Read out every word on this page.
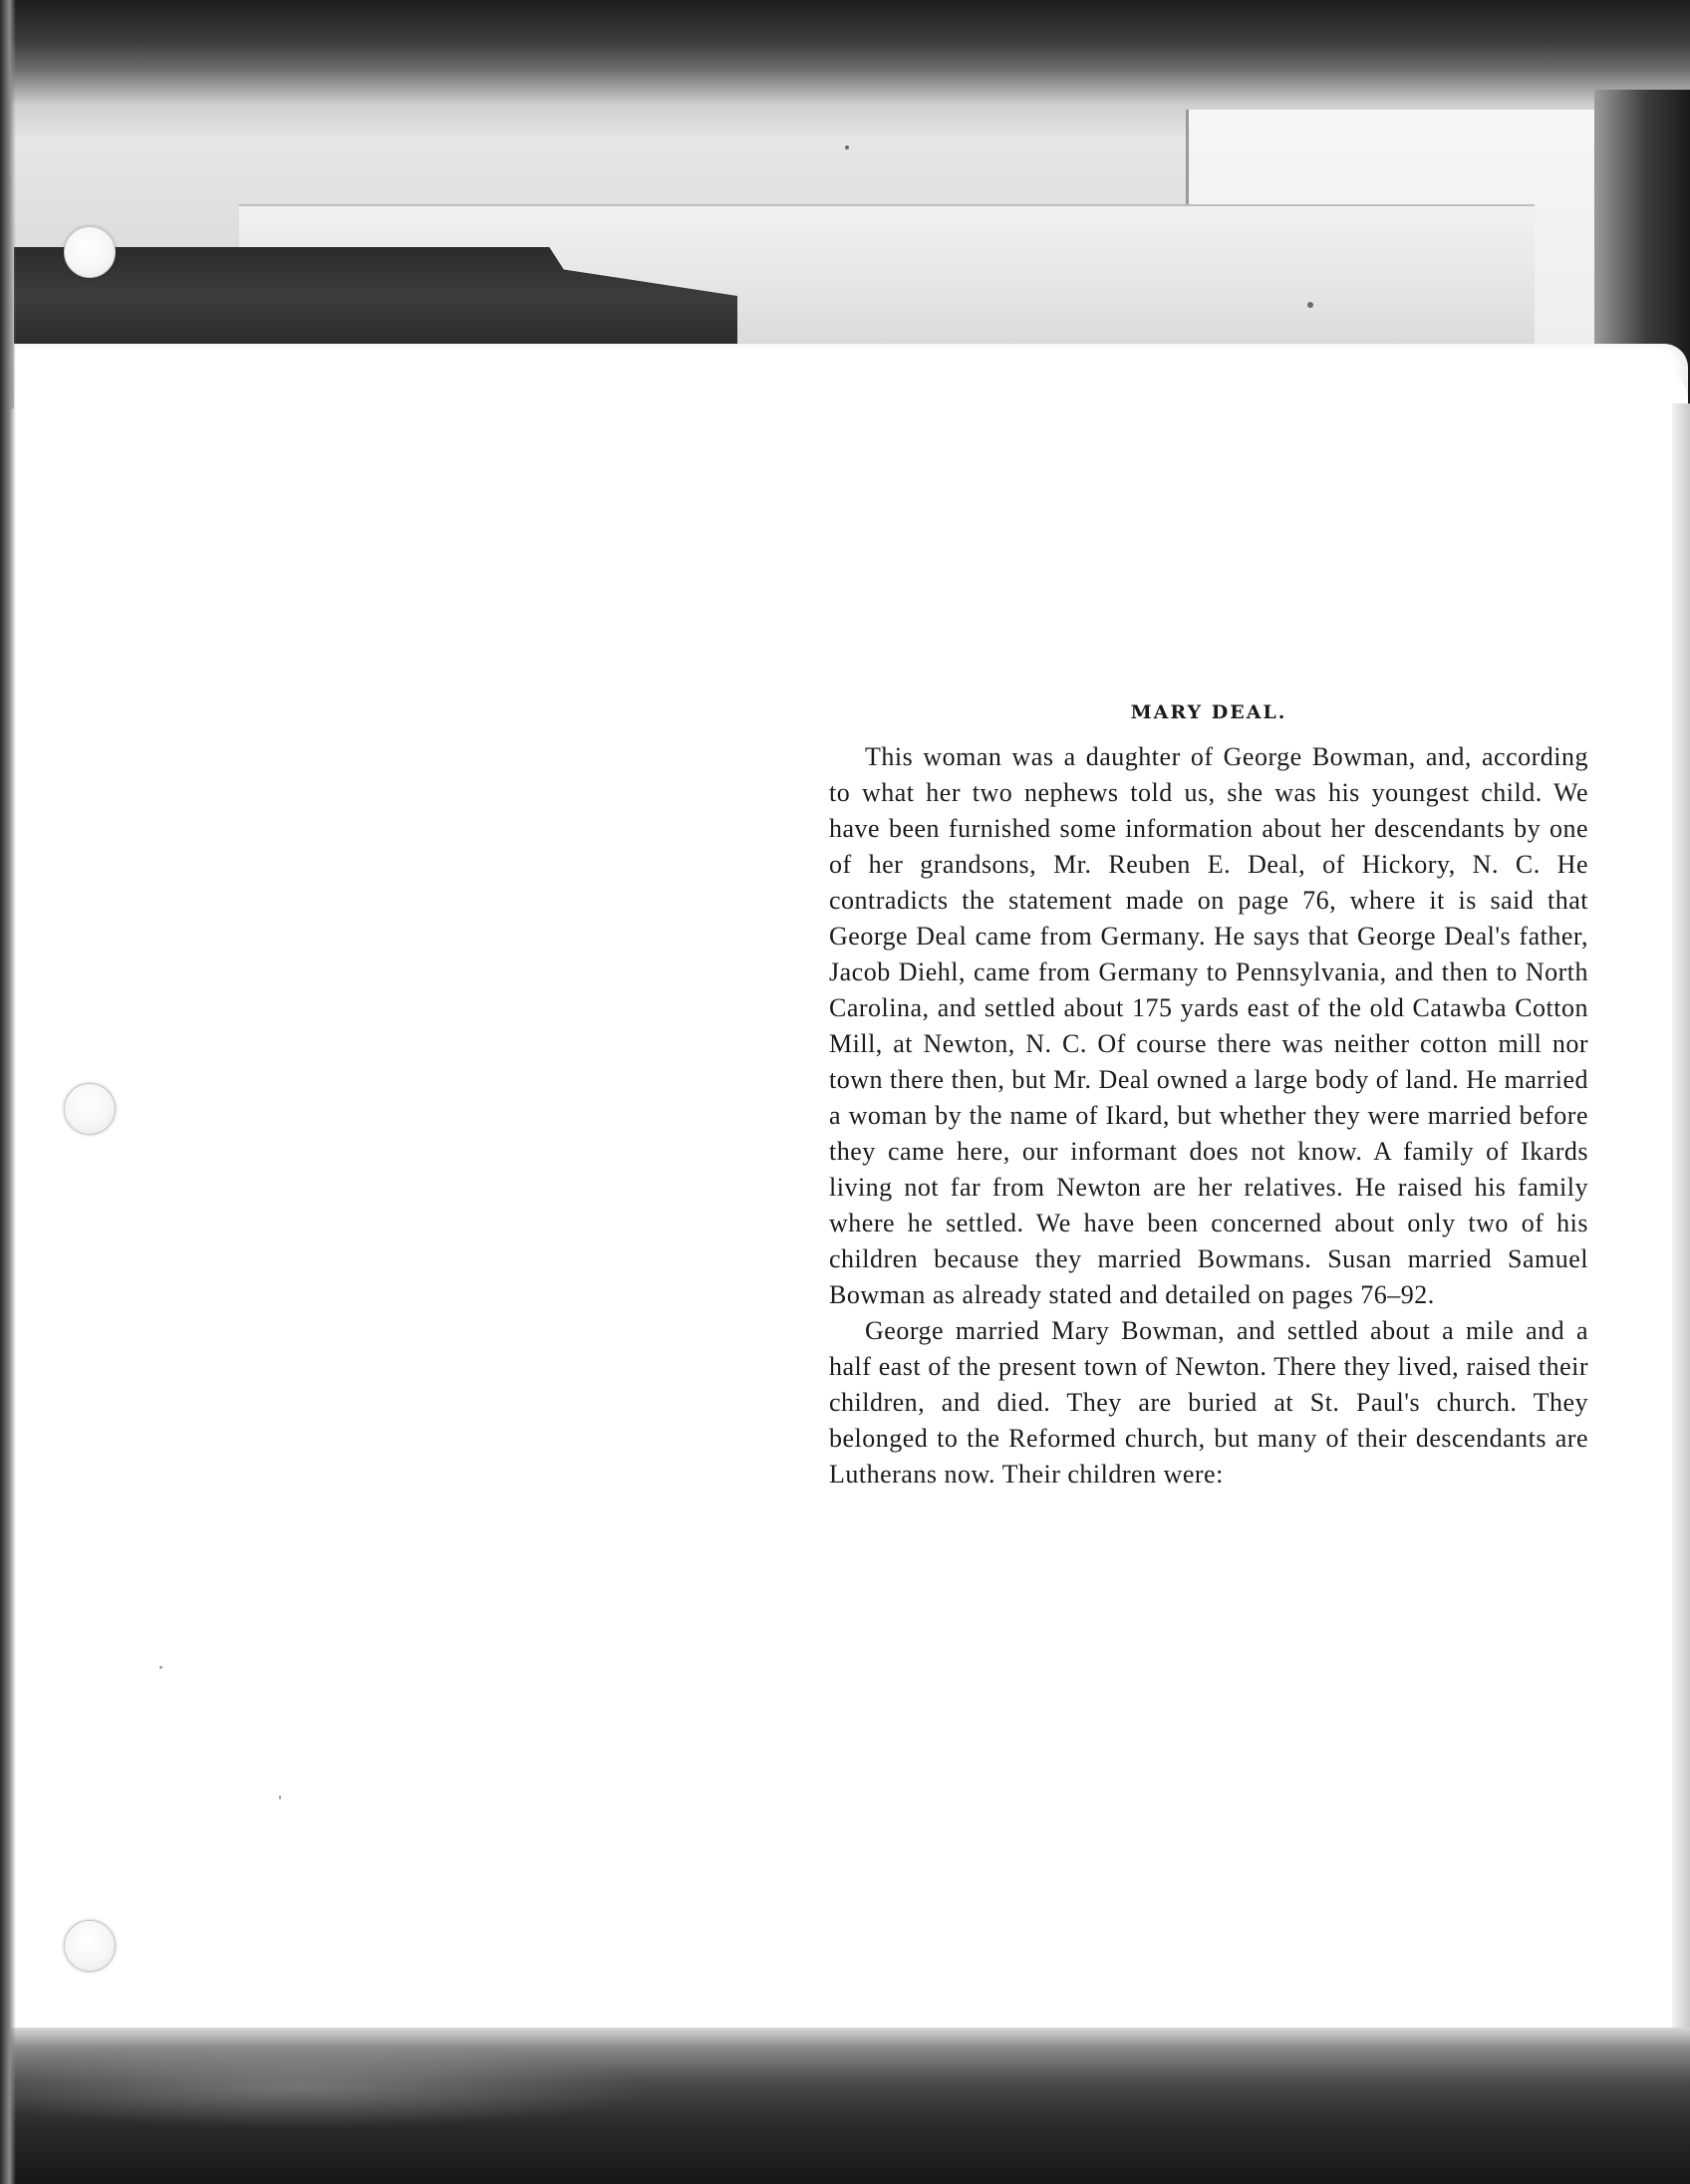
MARY DEAL.

This woman was a daughter of George Bowman, and, according to what her two nephews told us, she was his youngest child. We have been furnished some information about her descendants by one of her grandsons, Mr. Reuben E. Deal, of Hickory, N. C. He contradicts the statement made on page 76, where it is said that George Deal came from Germany. He says that George Deal's father, Jacob Diehl, came from Germany to Pennsylvania, and then to North Carolina, and settled about 175 yards east of the old Catawba Cotton Mill, at Newton, N. C. Of course there was neither cotton mill nor town there then, but Mr. Deal owned a large body of land. He married a woman by the name of Ikard, but whether they were married before they came here, our informant does not know. A family of Ikards living not far from Newton are her relatives. He raised his family where he settled. We have been concerned about only two of his children because they married Bowmans. Susan married Samuel Bowman as already stated and detailed on pages 76–92.

George married Mary Bowman, and settled about a mile and a half east of the present town of Newton. There they lived, raised their children, and died. They are buried at St. Paul's church. They belonged to the Reformed church, but many of their descendants are Lutherans now. Their children were:
